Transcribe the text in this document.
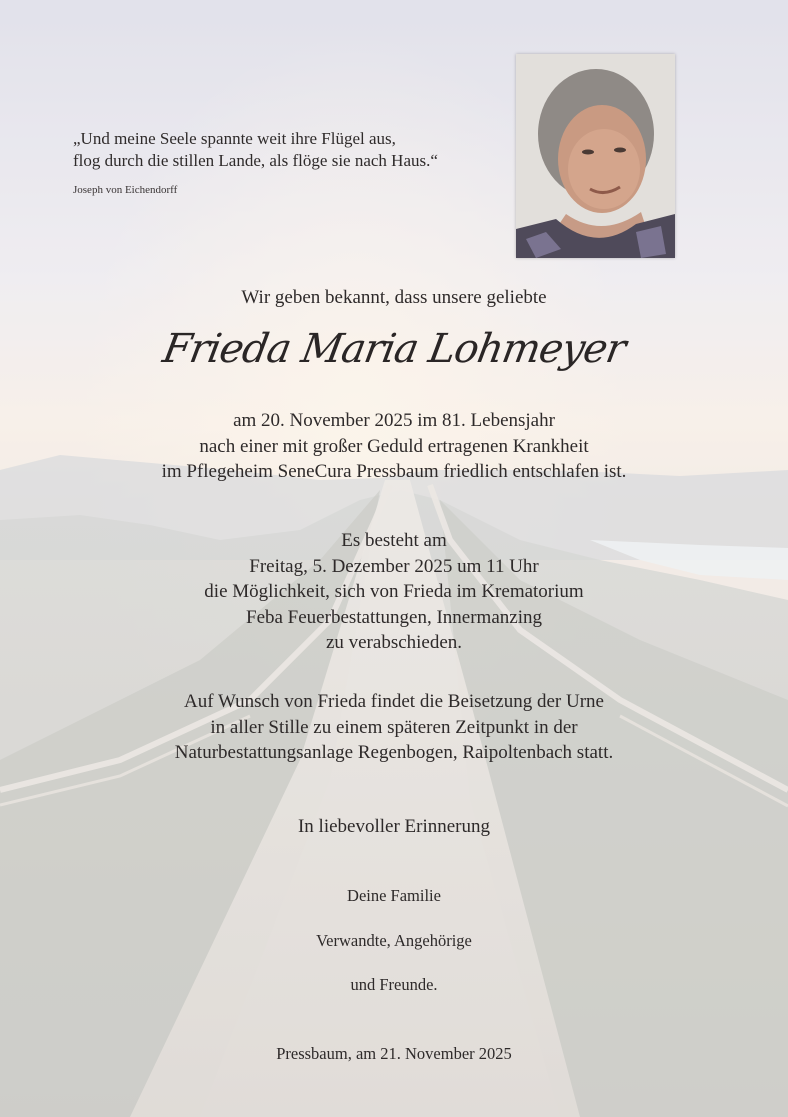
„Und meine Seele spannte weit ihre Flügel aus,
flog durch die stillen Lande, als flöge sie nach Haus.“
Joseph von Eichendorff
Wir geben bekannt, dass unsere geliebte
Frieda Maria Lohmeyer
am 20. November 2025 im 81. Lebensjahr
nach einer mit großer Geduld ertragenen Krankheit
im Pflegeheim SeneCura Pressbaum friedlich entschlafen ist.
Es besteht am
Freitag, 5. Dezember 2025 um 11 Uhr
die Möglichkeit, sich von Frieda im Krematorium
Feba Feuerbestattungen, Innermanzing
zu verabschieden.
Auf Wunsch von Frieda findet die Beisetzung der Urne
in aller Stille zu einem späteren Zeitpunkt in der
Naturbestattungsanlage Regenbogen, Raipoltenbach statt.
In liebevoller Erinnerung
Deine Familie
Verwandte, Angehörige
und Freunde.
Pressbaum, am 21. November 2025
